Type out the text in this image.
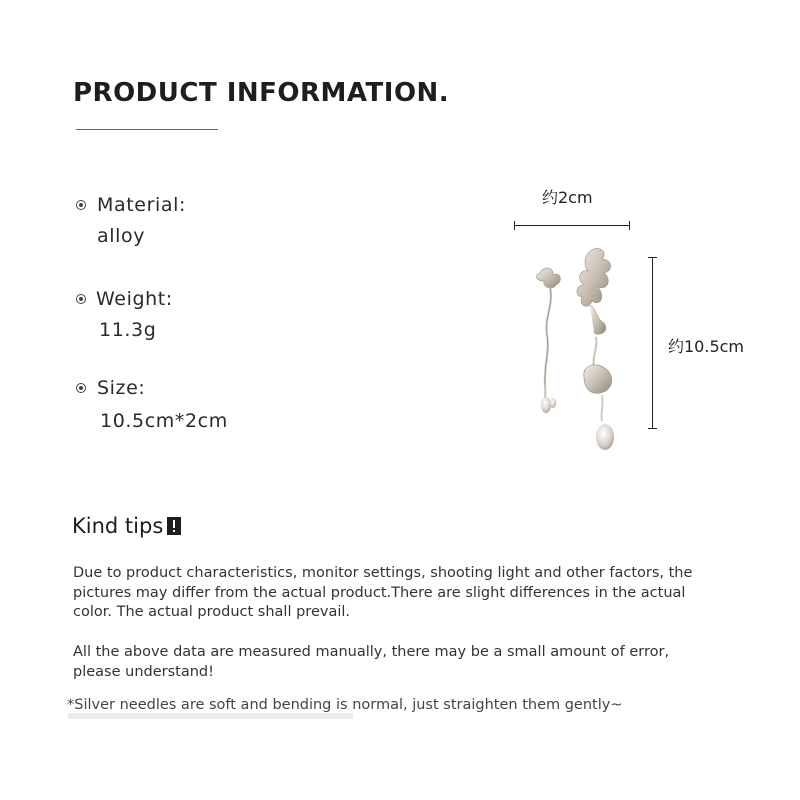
PRODUCT INFORMATION.
Material:
alloy
Weight:
11.3g
Size:
10.5cm*2cm
约2cm
约10.5cm
Kind tips

Due to product characteristics, monitor settings, shooting light and other factors, the pictures may differ from the actual product.There are slight differences in the actual color. The actual product shall prevail.

All the above data are measured manually, there may be a small amount of error, please understand!

*Silver needles are soft and bending is normal, just straighten them gently~
